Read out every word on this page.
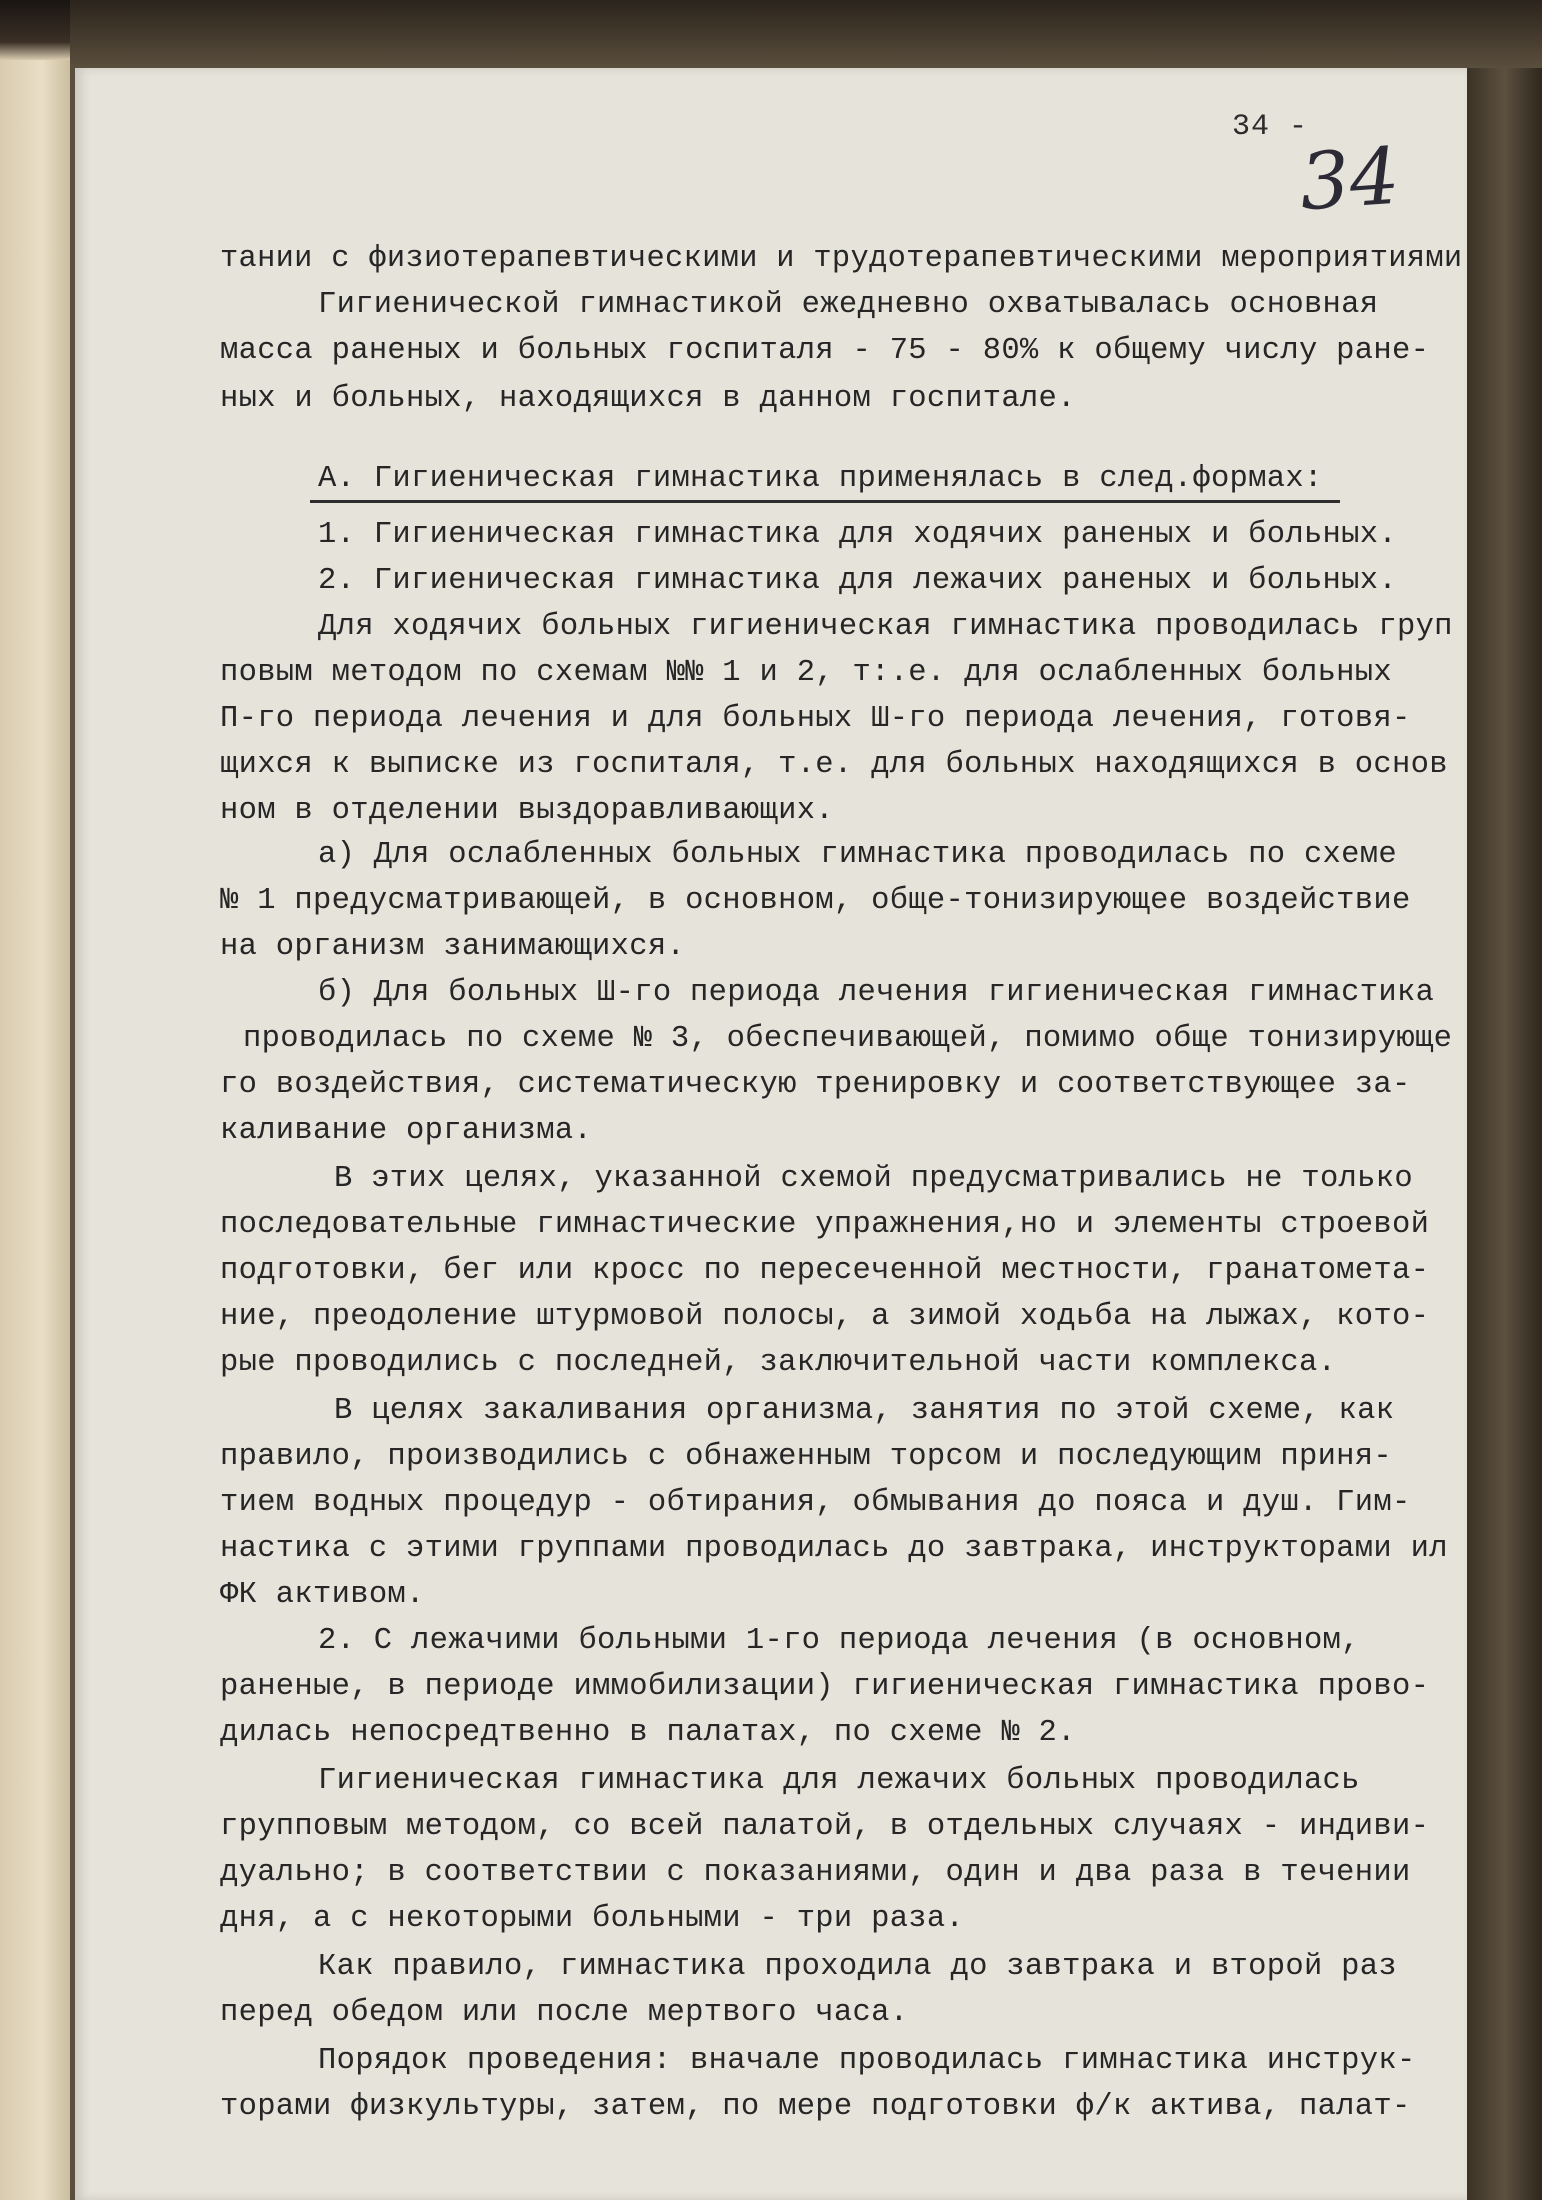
34 -
34
тании с физиотерапевтическими и трудотерапевтическими мероприятиями
Гигиенической гимнастикой ежедневно охватывалась основная
масса раненых и больных госпиталя - 75 - 80% к общему числу ране-
ных и больных, находящихся в данном госпитале.
А. Гигиеническая гимнастика применялась в след.формах:
1. Гигиеническая гимнастика для ходячих раненых и больных.
2. Гигиеническая гимнастика для лежачих раненых и больных.
Для ходячих больных гигиеническая гимнастика проводилась груп
повым методом по схемам №№ 1 и 2, т:.е. для ослабленных больных
П-го периода лечения и для больных Ш-го периода лечения, готовя-
щихся к выписке из госпиталя, т.е. для больных находящихся в основ
ном в отделении выздоравливающих.
а) Для ослабленных больных гимнастика проводилась по схеме
№ 1 предусматривающей, в основном, обще-тонизирующее воздействие
на организм занимающихся.
б) Для больных Ш-го периода лечения гигиеническая гимнастика
проводилась по схеме № 3, обеспечивающей, помимо обще тонизирующе
го воздействия, систематическую тренировку и соответствующее за-
каливание организма.
В этих целях, указанной схемой предусматривались не только
последовательные гимнастические упражнения,но и элементы строевой
подготовки, бег или кросс по пересеченной местности, гранатомета-
ние, преодоление штурмовой полосы, а зимой ходьба на лыжах, кото-
рые проводились с последней, заключительной части комплекса.
В целях закаливания организма, занятия по этой схеме, как
правило, производились с обнаженным торсом и последующим приня-
тием водных процедур - обтирания, обмывания до пояса и душ. Гим-
настика с этими группами проводилась до завтрака, инструкторами ил
ФК активом.
2. С лежачими больными 1-го периода лечения (в основном,
раненые, в периоде иммобилизации) гигиеническая гимнастика прово-
дилась непосредтвенно в палатах, по схеме № 2.
Гигиеническая гимнастика для лежачих больных проводилась
групповым методом, со всей палатой, в отдельных случаях - индиви-
дуально; в соответствии с показаниями, один и два раза в течении
дня, а с некоторыми больными - три раза.
Как правило, гимнастика проходила до завтрака и второй раз
перед обедом или после мертвого часа.
Порядок проведения: вначале проводилась гимнастика инструк-
торами физкультуры, затем, по мере подготовки ф/к актива, палат-
